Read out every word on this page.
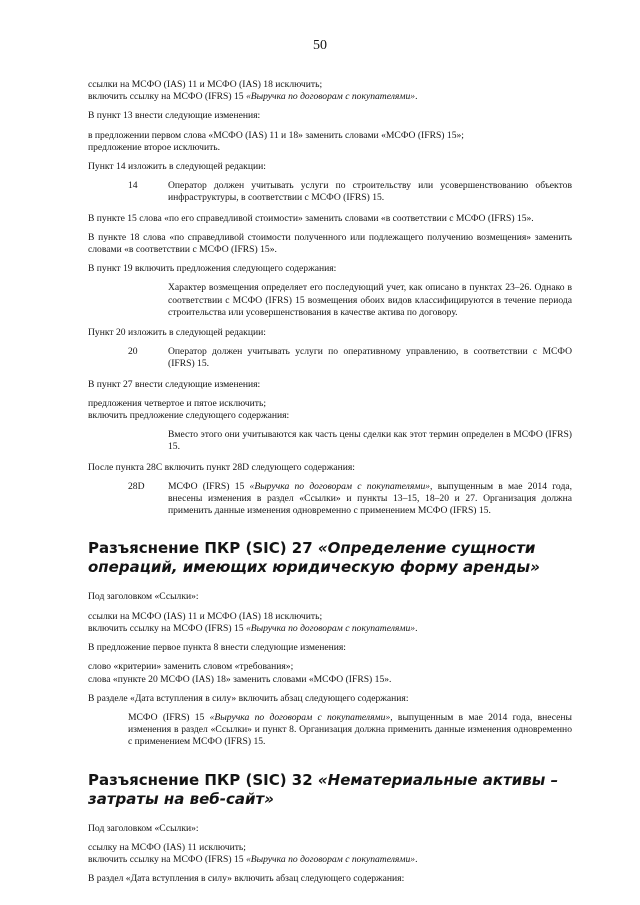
50
ссылки на МСФО (IAS) 11 и МСФО (IAS) 18 исключить;
включить ссылку на МСФО (IFRS) 15 «Выручка по договорам с покупателями».
В пункт 13 внести следующие изменения:
в предложении первом слова «МСФО (IAS) 11 и 18» заменить словами «МСФО (IFRS) 15»;
предложение второе исключить.
Пункт 14 изложить в следующей редакции:
14	Оператор должен учитывать услуги по строительству или усовершенствованию объектов инфраструктуры, в соответствии с МСФО (IFRS) 15.
В пункте 15 слова «по его справедливой стоимости» заменить словами «в соответствии с МСФО (IFRS) 15».
В пункте 18 слова «по справедливой стоимости полученного или подлежащего получению возмещения» заменить словами «в соответствии с МСФО (IFRS) 15».
В пункт 19 включить предложения следующего содержания:
Характер возмещения определяет его последующий учет, как описано в пунктах 23–26. Однако в соответствии с МСФО (IFRS) 15 возмещения обоих видов классифицируются в течение периода строительства или усовершенствования в качестве актива по договору.
Пункт 20 изложить в следующей редакции:
20	Оператор должен учитывать услуги по оперативному управлению, в соответствии с МСФО (IFRS) 15.
В пункт 27 внести следующие изменения:
предложения четвертое и пятое исключить;
включить предложение следующего содержания:
Вместо этого они учитываются как часть цены сделки как этот термин определен в МСФО (IFRS) 15.
После пункта 28С включить пункт 28D следующего содержания:
28D	МСФО (IFRS) 15 «Выручка по договорам с покупателями», выпущенным в мае 2014 года, внесены изменения в раздел «Ссылки» и пункты 13–15, 18–20 и 27. Организация должна применить данные изменения одновременно с применением МСФО (IFRS) 15.
Разъяснение ПКР (SIC) 27 «Определение сущности операций, имеющих юридическую форму аренды»
Под заголовком «Ссылки»:
ссылки на МСФО (IAS) 11 и МСФО (IAS) 18 исключить;
включить ссылку на МСФО (IFRS) 15 «Выручка по договорам с покупателями».
В предложение первое пункта 8 внести следующие изменения:
слово «критерии» заменить словом «требования»;
слова «пункте 20 МСФО (IAS) 18» заменить словами «МСФО (IFRS) 15».
В разделе «Дата вступления в силу» включить абзац следующего содержания:
МСФО (IFRS) 15 «Выручка по договорам с покупателями», выпущенным в мае 2014 года, внесены изменения в раздел «Ссылки» и пункт 8. Организация должна применить данные изменения одновременно с применением МСФО (IFRS) 15.
Разъяснение ПКР (SIC) 32 «Нематериальные активы – затраты на веб-сайт»
Под заголовком «Ссылки»:
ссылку на МСФО (IAS) 11 исключить;
включить ссылку на МСФО (IFRS) 15 «Выручка по договорам с покупателями».
В раздел «Дата вступления в силу» включить абзац следующего содержания:
